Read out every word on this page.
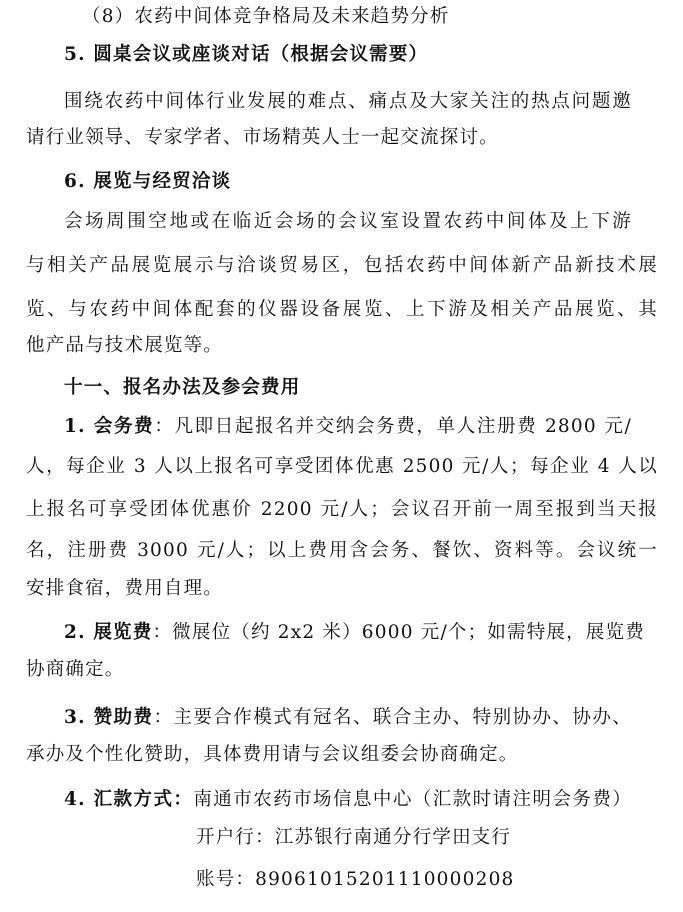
（8）农药中间体竞争格局及未来趋势分析
5. 圆桌会议或座谈对话（根据会议需要）
围绕农药中间体行业发展的难点、痛点及大家关注的热点问题邀
请行业领导、专家学者、市场精英人士一起交流探讨。
6. 展览与经贸洽谈
会场周围空地或在临近会场的会议室设置农药中间体及上下游
与相关产品展览展示与洽谈贸易区，包括农药中间体新产品新技术展
览、与农药中间体配套的仪器设备展览、上下游及相关产品展览、其
他产品与技术展览等。
十一、报名办法及参会费用
1. 会务费：凡即日起报名并交纳会务费，单人注册费 2800 元/
人，每企业 3 人以上报名可享受团体优惠 2500 元/人；每企业 4 人以
上报名可享受团体优惠价 2200 元/人；会议召开前一周至报到当天报
名，注册费 3000 元/人；以上费用含会务、餐饮、资料等。会议统一
安排食宿，费用自理。
2. 展览费：微展位（约 2x2 米）6000 元/个；如需特展，展览费
协商确定。
3. 赞助费：主要合作模式有冠名、联合主办、特别协办、协办、
承办及个性化赞助，具体费用请与会议组委会协商确定。
4. 汇款方式：南通市农药市场信息中心（汇款时请注明会务费）
开户行：江苏银行南通分行学田支行
账号：89061015201110000208
